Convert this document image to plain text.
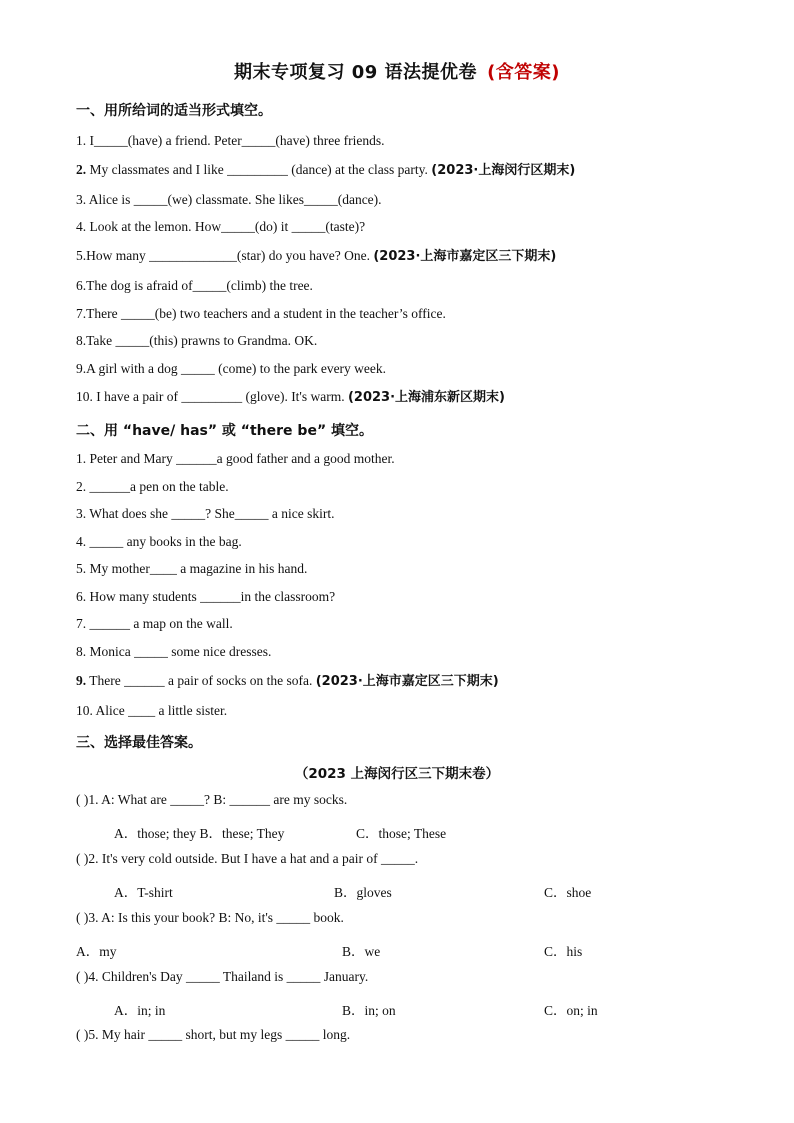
期末专项复习 09 语法提优卷 (含答案)
一、用所给词的适当形式填空。
1. I_____(have) a friend. Peter_____(have) three friends.
2. My classmates and I like _________ (dance) at the class party. (2023·上海闵行区期末)
3. Alice is _____(we) classmate. She likes_____(dance).
4. Look at the lemon. How_____(do) it _____(taste)?
5.How many _____________(star) do you have? One. (2023·上海市嘉定区三下期末)
6.The dog is afraid of_____(climb) the tree.
7.There _____(be) two teachers and a student in the teacher’s office.
8.Take _____(this) prawns to Grandma. OK.
9.A girl with a dog _____ (come) to the park every week.
10. I have a pair of _________ (glove). It's warm. (2023·上海浦东新区期末)
二、用 “have/ has” 或 “there be” 填空。
1. Peter and Mary ______a good father and a good mother.
2. ______a pen on the table.
3. What does she _____? She_____ a nice skirt.
4. _____ any books in the bag.
5. My mother____ a magazine in his hand.
6. How many students ______in the classroom?
7. ______ a map on the wall.
8. Monica _____ some nice dresses.
9. There ______ a pair of socks on the sofa. (2023·上海市嘉定区三下期末)
10. Alice ____ a little sister.
三、选择最佳答案。
（2023 上海闵行区三下期末卷）
( )1. A: What are _____? B: ______ are my socks.
A．those; they B．these; They	C．those; These
( )2. It's very cold outside. But I have a hat and a pair of _____.
A．T-shirt	B．gloves	C．shoe
( )3. A: Is this your book? B: No, it's _____ book.
A．my	B．we	C．his
( )4. Children's Day _____ Thailand is _____ January.
A．in; in	B．in; on	C．on; in
( )5. My hair _____ short, but my legs _____ long.
